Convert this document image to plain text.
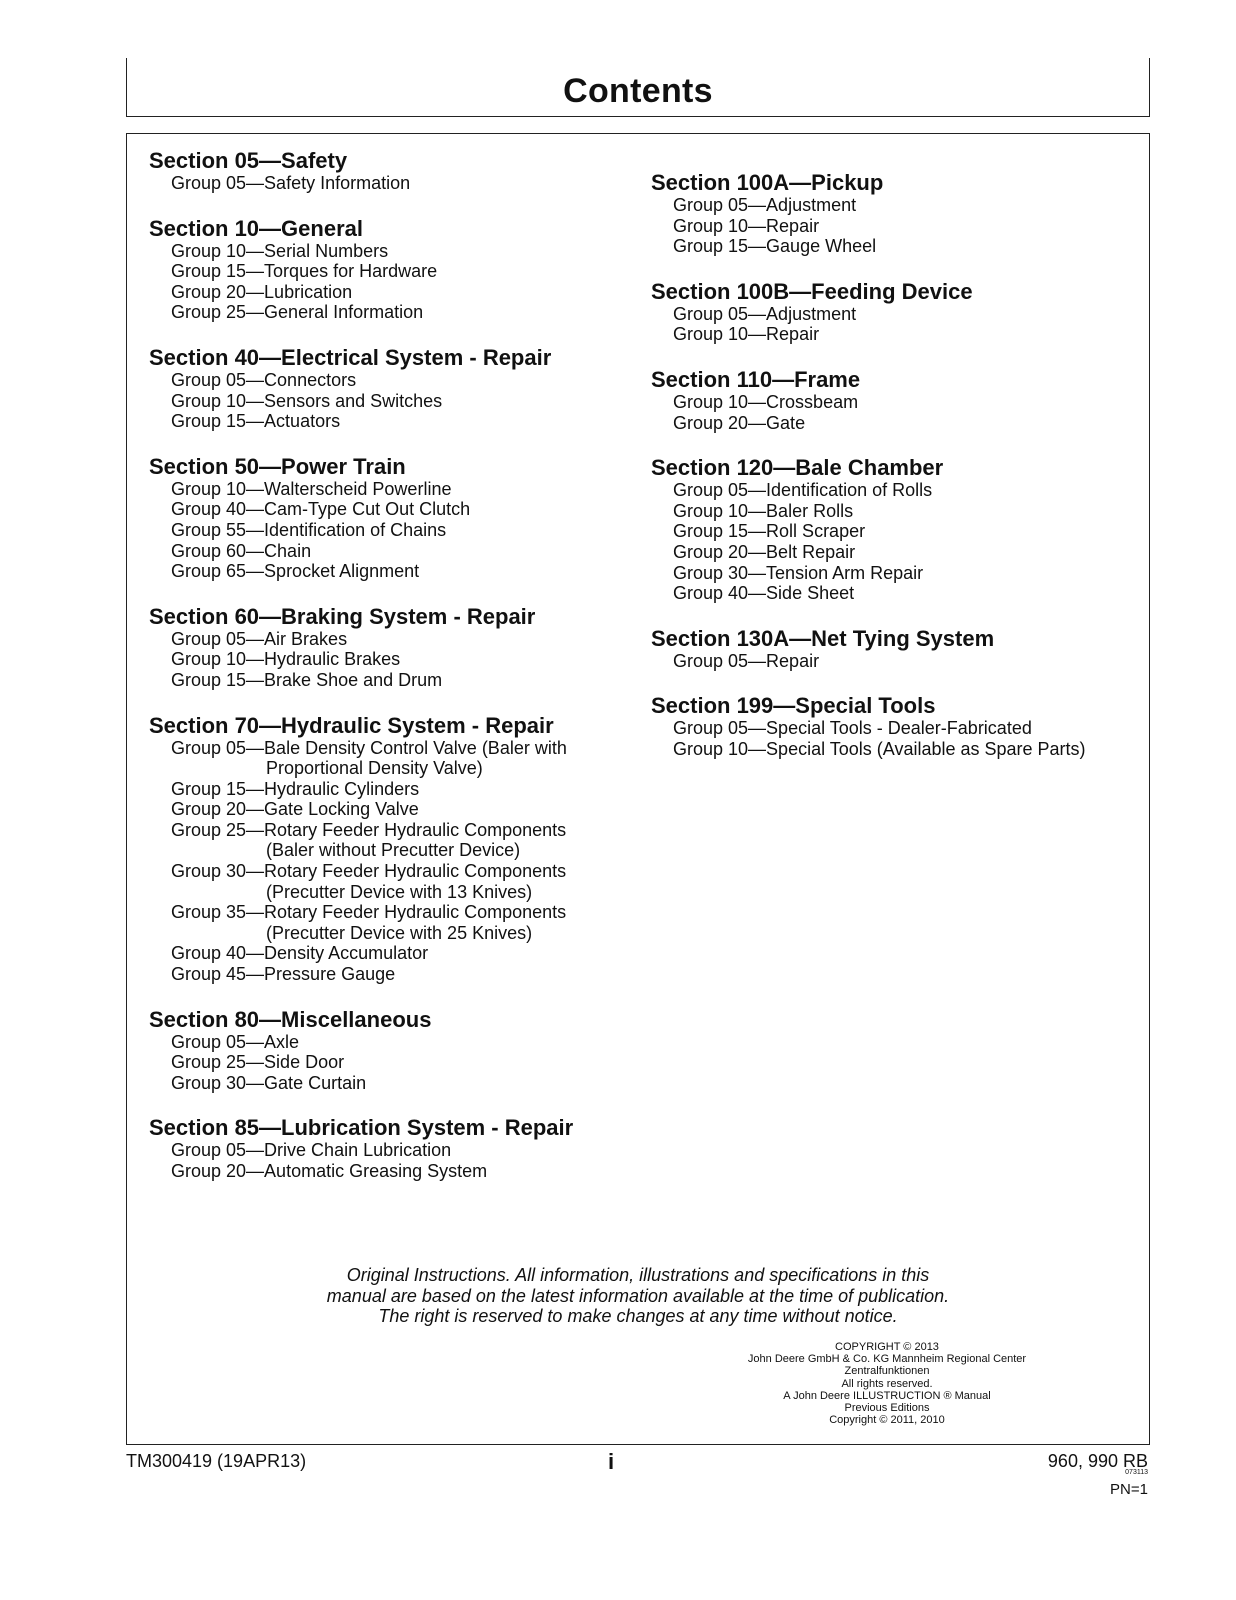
Contents
Section 05—Safety
Group 05—Safety Information
Section 10—General
Group 10—Serial Numbers
Group 15—Torques for Hardware
Group 20—Lubrication
Group 25—General Information
Section 40—Electrical System - Repair
Group 05—Connectors
Group 10—Sensors and Switches
Group 15—Actuators
Section 50—Power Train
Group 10—Walterscheid Powerline
Group 40—Cam-Type Cut Out Clutch
Group 55—Identification of Chains
Group 60—Chain
Group 65—Sprocket Alignment
Section 60—Braking System - Repair
Group 05—Air Brakes
Group 10—Hydraulic Brakes
Group 15—Brake Shoe and Drum
Section 70—Hydraulic System - Repair
Group 05—Bale Density Control Valve (Baler with
Proportional Density Valve)
Group 15—Hydraulic Cylinders
Group 20—Gate Locking Valve
Group 25—Rotary Feeder Hydraulic Components
(Baler without Precutter Device)
Group 30—Rotary Feeder Hydraulic Components
(Precutter Device with 13 Knives)
Group 35—Rotary Feeder Hydraulic Components
(Precutter Device with 25 Knives)
Group 40—Density Accumulator
Group 45—Pressure Gauge
Section 80—Miscellaneous
Group 05—Axle
Group 25—Side Door
Group 30—Gate Curtain
Section 85—Lubrication System - Repair
Group 05—Drive Chain Lubrication
Group 20—Automatic Greasing System
Section 100A—Pickup
Group 05—Adjustment
Group 10—Repair
Group 15—Gauge Wheel
Section 100B—Feeding Device
Group 05—Adjustment
Group 10—Repair
Section 110—Frame
Group 10—Crossbeam
Group 20—Gate
Section 120—Bale Chamber
Group 05—Identification of Rolls
Group 10—Baler Rolls
Group 15—Roll Scraper
Group 20—Belt Repair
Group 30—Tension Arm Repair
Group 40—Side Sheet
Section 130A—Net Tying System
Group 05—Repair
Section 199—Special Tools
Group 05—Special Tools - Dealer-Fabricated
Group 10—Special Tools (Available as Spare Parts)
Original Instructions. All information, illustrations and specifications in this
manual are based on the latest information available at the time of publication.
The right is reserved to make changes at any time without notice.
COPYRIGHT © 2013
John Deere GmbH & Co. KG Mannheim Regional Center
Zentralfunktionen
All rights reserved.
A John Deere ILLUSTRUCTION ® Manual
Previous Editions
Copyright © 2011, 2010
TM300419 (19APR13)	i	960, 990 RB
073113
PN=1
